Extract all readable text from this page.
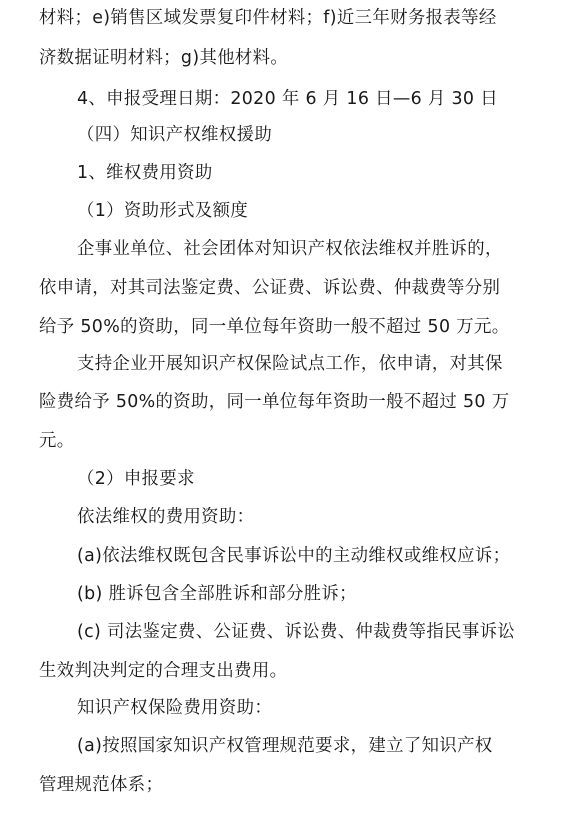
材料；e)销售区域发票复印件材料；f)近三年财务报表等经
济数据证明材料；g)其他材料。
4、申报受理日期：2020 年 6 月 16 日—6 月 30 日
（四）知识产权维权援助
1、维权费用资助
（1）资助形式及额度
企事业单位、社会团体对知识产权依法维权并胜诉的，
依申请，对其司法鉴定费、公证费、诉讼费、仲裁费等分别
给予 50%的资助，同一单位每年资助一般不超过 50 万元。
支持企业开展知识产权保险试点工作，依申请，对其保
险费给予 50%的资助，同一单位每年资助一般不超过 50 万
元。
（2）申报要求
依法维权的费用资助：
(a)依法维权既包含民事诉讼中的主动维权或维权应诉；
(b) 胜诉包含全部胜诉和部分胜诉；
(c) 司法鉴定费、公证费、诉讼费、仲裁费等指民事诉讼
生效判决判定的合理支出费用。
知识产权保险费用资助：
(a)按照国家知识产权管理规范要求，建立了知识产权
管理规范体系；
